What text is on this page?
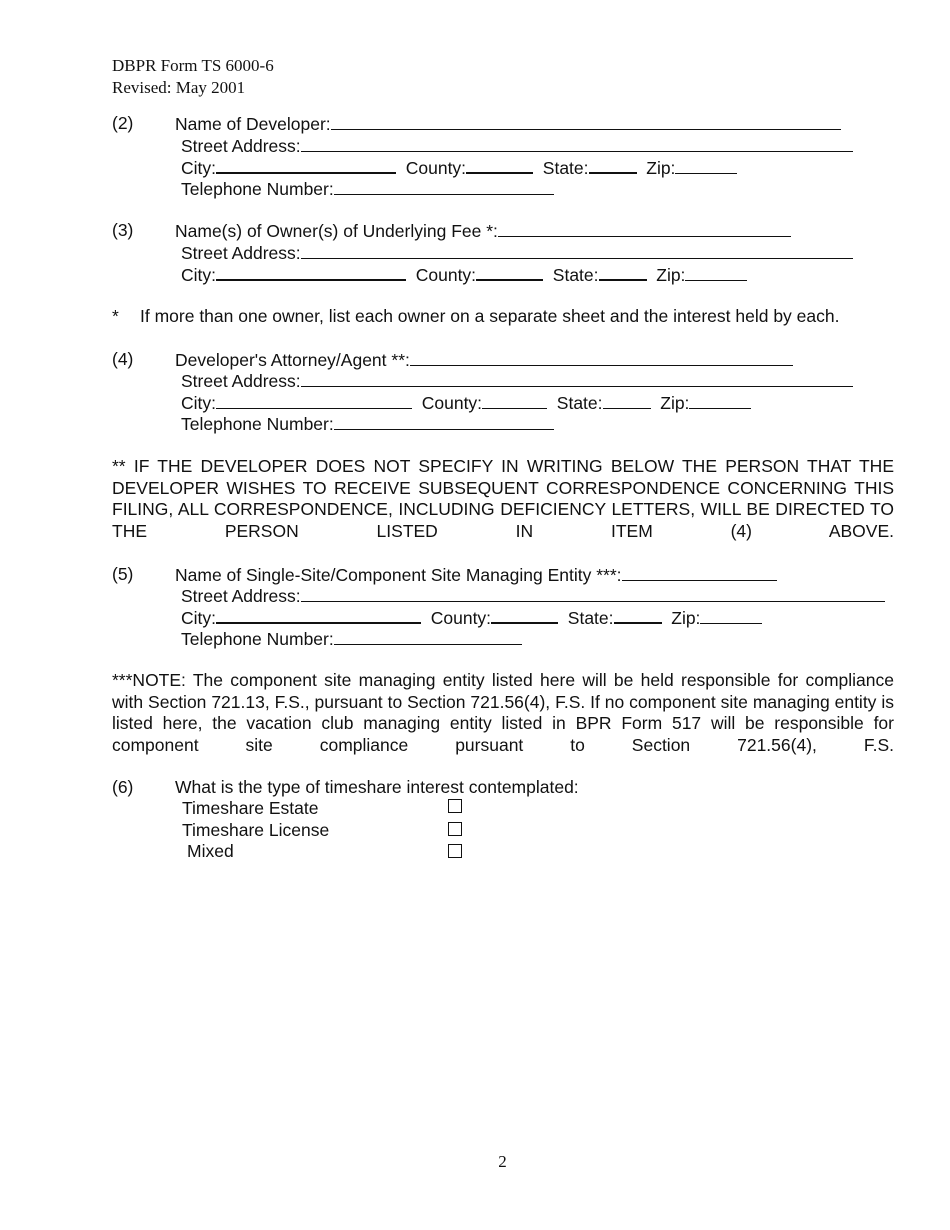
DBPR Form TS 6000-6
Revised: May 2001
(2) Name of Developer:
Street Address:
City:	County:	State:	Zip:
Telephone Number:
(3) Name(s) of Owner(s) of Underlying Fee *:
Street Address:
City:	County:	State:	Zip:
* If more than one owner, list each owner on a separate sheet and the interest held by each.
(4) Developer's Attorney/Agent **:
Street Address:
City:	County:	State:	Zip:
Telephone Number:
** IF THE DEVELOPER DOES NOT SPECIFY IN WRITING BELOW THE PERSON THAT THE DEVELOPER WISHES TO RECEIVE SUBSEQUENT CORRESPONDENCE CONCERNING THIS FILING, ALL CORRESPONDENCE, INCLUDING DEFICIENCY LETTERS, WILL BE DIRECTED TO THE PERSON LISTED IN ITEM (4) ABOVE.
(5) Name of Single-Site/Component Site Managing Entity ***:
Street Address:
City:	County:	State:	Zip:
Telephone Number:
***NOTE: The component site managing entity listed here will be held responsible for compliance with Section 721.13, F.S., pursuant to Section 721.56(4), F.S. If no component site managing entity is listed here, the vacation club managing entity listed in BPR Form 517 will be responsible for component site compliance pursuant to Section 721.56(4), F.S.
(6) What is the type of timeshare interest contemplated:
Timeshare Estate
Timeshare License
Mixed
2
